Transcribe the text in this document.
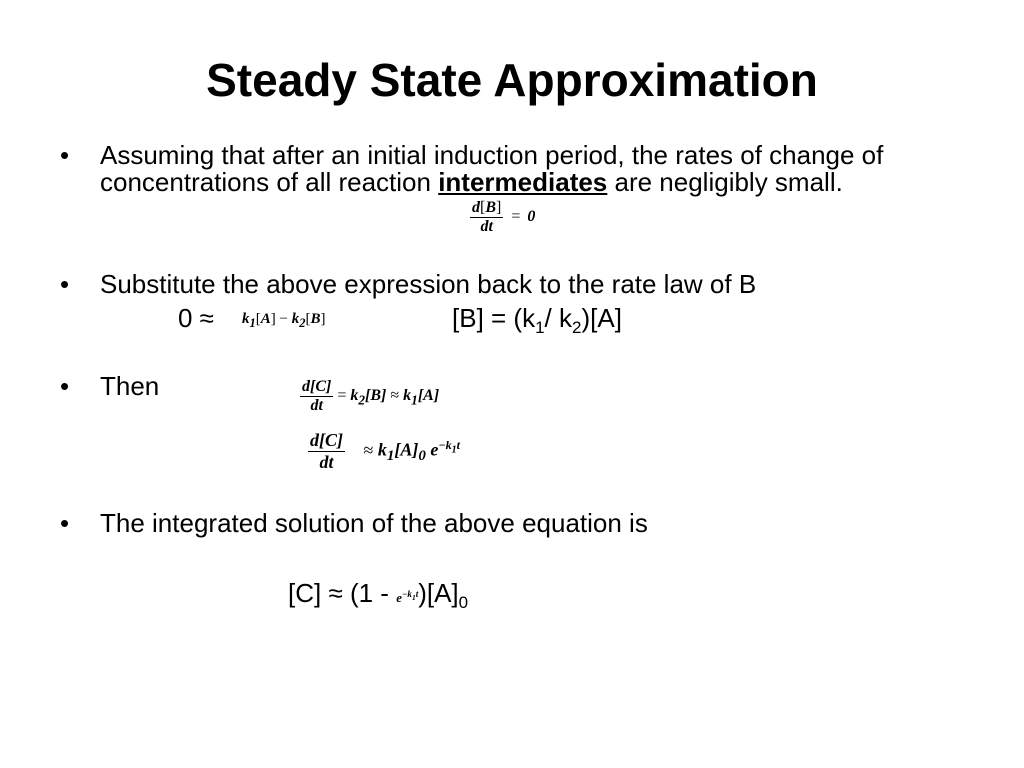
Steady State Approximation
• Assuming that after an initial induction period, the rates of change of
concentrations of all reaction intermediates are negligibly small.
$\frac{d[B]}{dt} = 0$
• Substitute the above expression back to the rate law of B
$0 \approx k_1[A] - k_2[B]$	$[B] = (k_1/$ $k_2)[A]$
• Then	$\frac{d[C]}{dt} = k_2[B] \approx k_1[A]$
$\frac{d[C]}{dt} \approx k_1[A]_0$ $e^{-k_1t}$
• The integrated solution of the above equation is
$[C] \approx (1 - e^{-k_1t})[A]_0$
